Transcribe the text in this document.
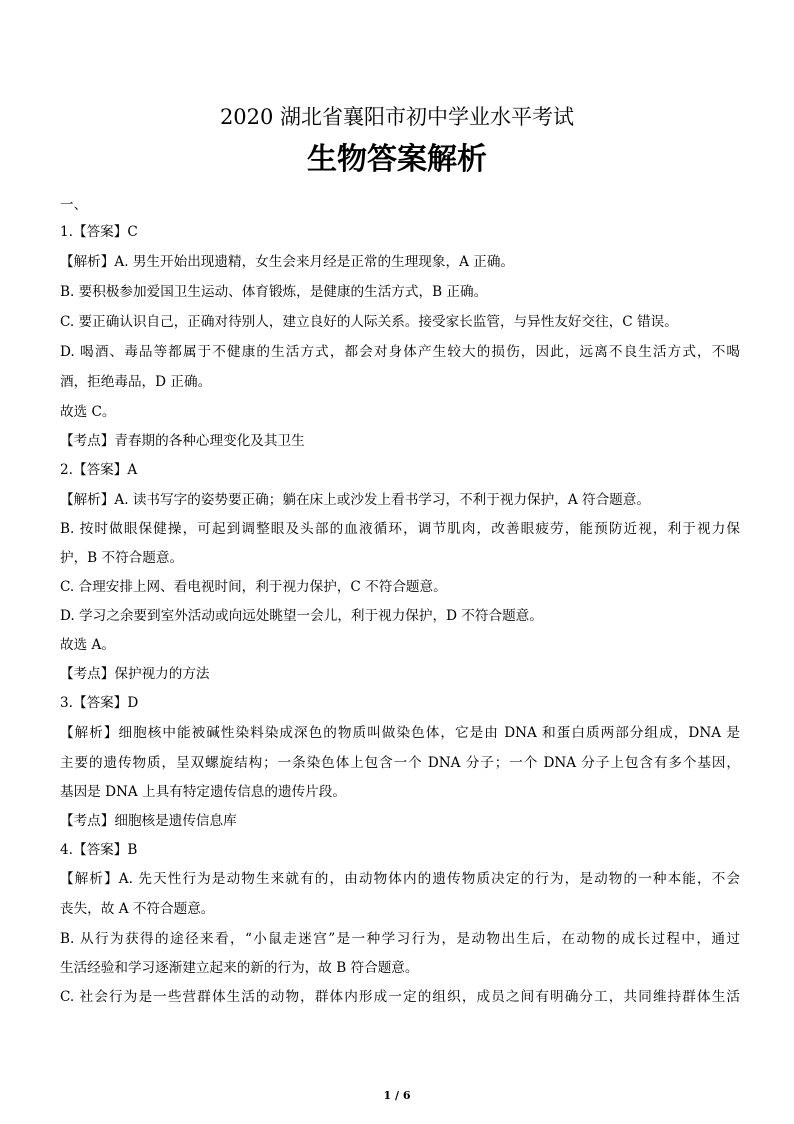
2020 湖北省襄阳市初中学业水平考试
生物答案解析
一、
1.【答案】C
【解析】A. 男生开始出现遗精，女生会来月经是正常的生理现象，A 正确。
B. 要积极参加爱国卫生运动、体育锻炼，是健康的生活方式，B 正确。
C. 要正确认识自己，正确对待别人，建立良好的人际关系。接受家长监管，与异性友好交往，C 错误。
D. 喝酒、毒品等都属于不健康的生活方式，都会对身体产生较大的损伤，因此，远离不良生活方式，不喝
酒，拒绝毒品，D 正确。
故选 C。
【考点】青春期的各种心理变化及其卫生
2.【答案】A
【解析】A. 读书写字的姿势要正确；躺在床上或沙发上看书学习，不利于视力保护，A 符合题意。
B. 按时做眼保健操，可起到调整眼及头部的血液循环，调节肌肉，改善眼疲劳，能预防近视，利于视力保
护，B 不符合题意。
C. 合理安排上网、看电视时间，利于视力保护，C 不符合题意。
D. 学习之余要到室外活动或向远处眺望一会儿，利于视力保护，D 不符合题意。
故选 A。
【考点】保护视力的方法
3.【答案】D
【解析】细胞核中能被碱性染料染成深色的物质叫做染色体，它是由 DNA 和蛋白质两部分组成，DNA 是
主要的遗传物质，呈双螺旋结构；一条染色体上包含一个 DNA 分子；一个 DNA 分子上包含有多个基因，
基因是 DNA 上具有特定遗传信息的遗传片段。
【考点】细胞核是遗传信息库
4.【答案】B
【解析】A. 先天性行为是动物生来就有的，由动物体内的遗传物质决定的行为，是动物的一种本能，不会
丧失，故 A 不符合题意。
B. 从行为获得的途径来看，“小鼠走迷宫”是一种学习行为，是动物出生后，在动物的成长过程中，通过
生活经验和学习逐渐建立起来的新的行为，故 B 符合题意。
C. 社会行为是一些营群体生活的动物，群体内形成一定的组织，成员之间有明确分工，共同维持群体生活
1 / 6
